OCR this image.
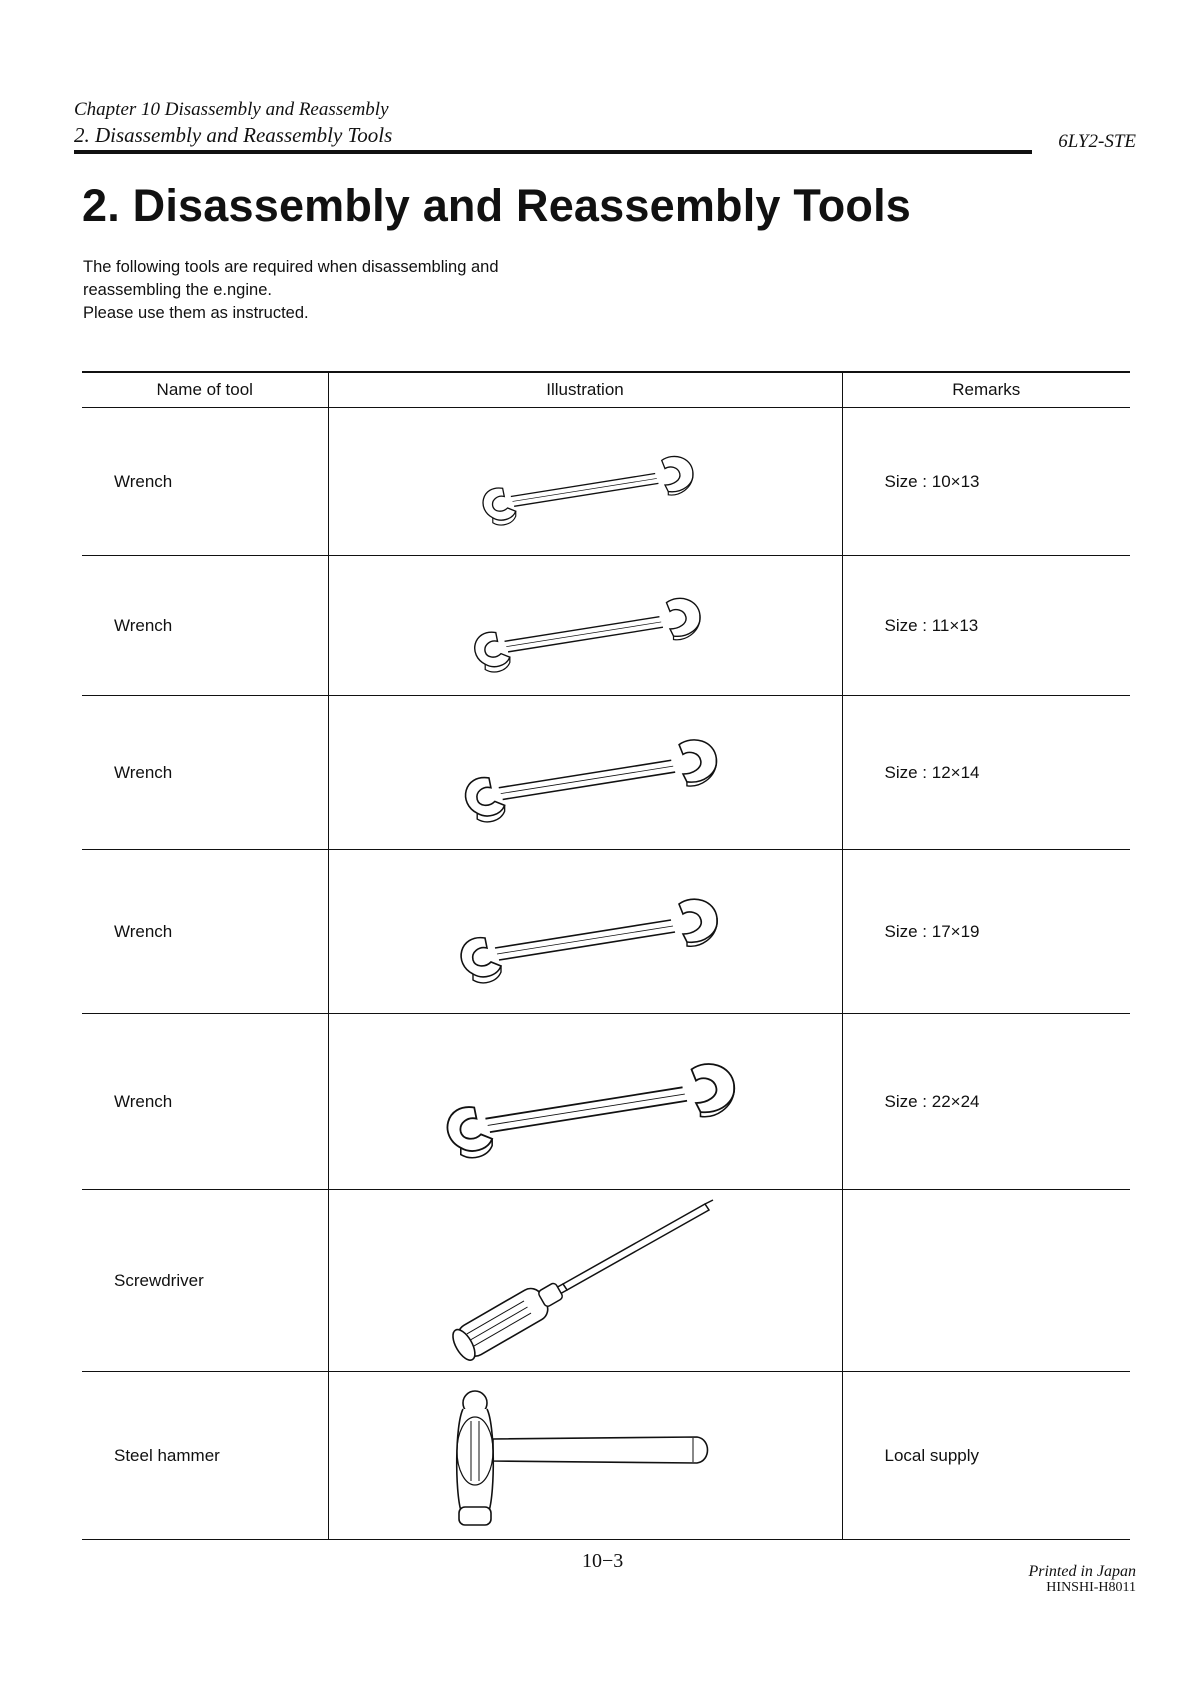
Chapter 10 Disassembly and Reassembly
2. Disassembly and Reassembly Tools	6LY2-STE
2. Disassembly and Reassembly Tools
The following tools are required when disassembling and
reassembling the e.ngine.
Please use them as instructed.
Name of tool	Illustration	Remarks
Wrench		Size : 10×13
Wrench		Size : 11×13
Wrench		Size : 12×14
Wrench		Size : 17×19
Wrench		Size : 22×24
Screwdriver	

Steel hammer		Local supply
10−3	Printed in Japan
HINSHI-H8011
